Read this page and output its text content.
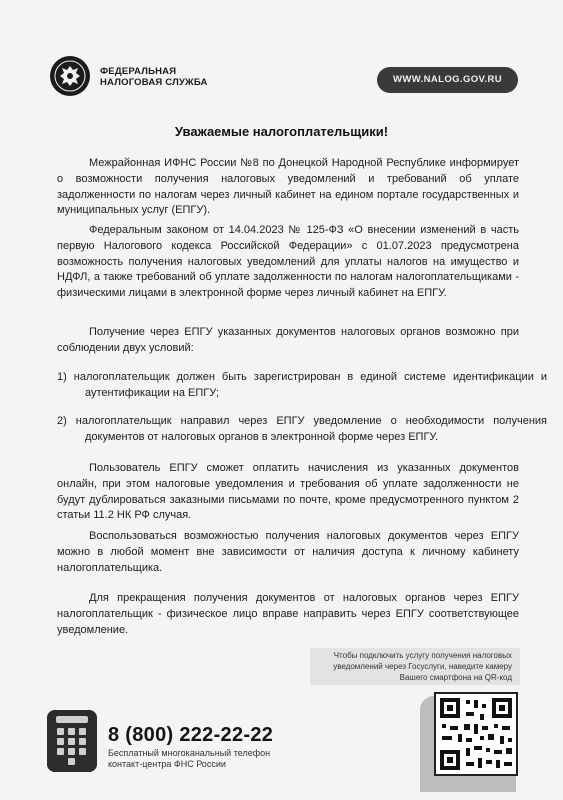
ФЕДЕРАЛЬНАЯ
НАЛОГОВАЯ СЛУЖБА	WWW.NALOG.GOV.RU
Уважаемые налогоплательщики!
Межрайонная ИФНС России №8 по Донецкой Народной Республике информирует о возможности получения налоговых уведомлений и требований об уплате задолженности по налогам через личный кабинет на едином портале государственных и муниципальных услуг (ЕПГУ).
Федеральным законом от 14.04.2023 № 125-ФЗ «О внесении изменений в часть первую Налогового кодекса Российской Федерации» с 01.07.2023 предусмотрена возможность получения налоговых уведомлений для уплаты налогов на имущество и НДФЛ, а также требований об уплате задолженности по налогам налогоплательщиками - физическими лицами в электронной форме через личный кабинет на ЕПГУ.
Получение через ЕПГУ указанных документов налоговых органов возможно при соблюдении двух условий:
1) налогоплательщик должен быть зарегистрирован в единой системе идентификации и аутентификации на ЕПГУ;
2) налогоплательщик направил через ЕПГУ уведомление о необходимости получения документов от налоговых органов в электронной форме через ЕПГУ.
Пользователь ЕПГУ сможет оплатить начисления из указанных документов онлайн, при этом налоговые уведомления и требования об уплате задолженности не будут дублироваться заказными письмами по почте, кроме предусмотренного пунктом 2 статьи 11.2 НК РФ случая.
Воспользоваться возможностью получения налоговых документов через ЕПГУ можно в любой момент вне зависимости от наличия доступа к личному кабинету налогоплательщика.
Для прекращения получения документов от налоговых органов через ЕПГУ налогоплательщик - физическое лицо вправе направить через ЕПГУ соответствующее уведомление.
Чтобы подключить услугу получения налоговых
уведомлений через Госуслуги, наведите камеру
Вашего смартфона на QR-код
8 (800) 222-22-22
Бесплатный многоканальный телефон
контакт-центра ФНС России
